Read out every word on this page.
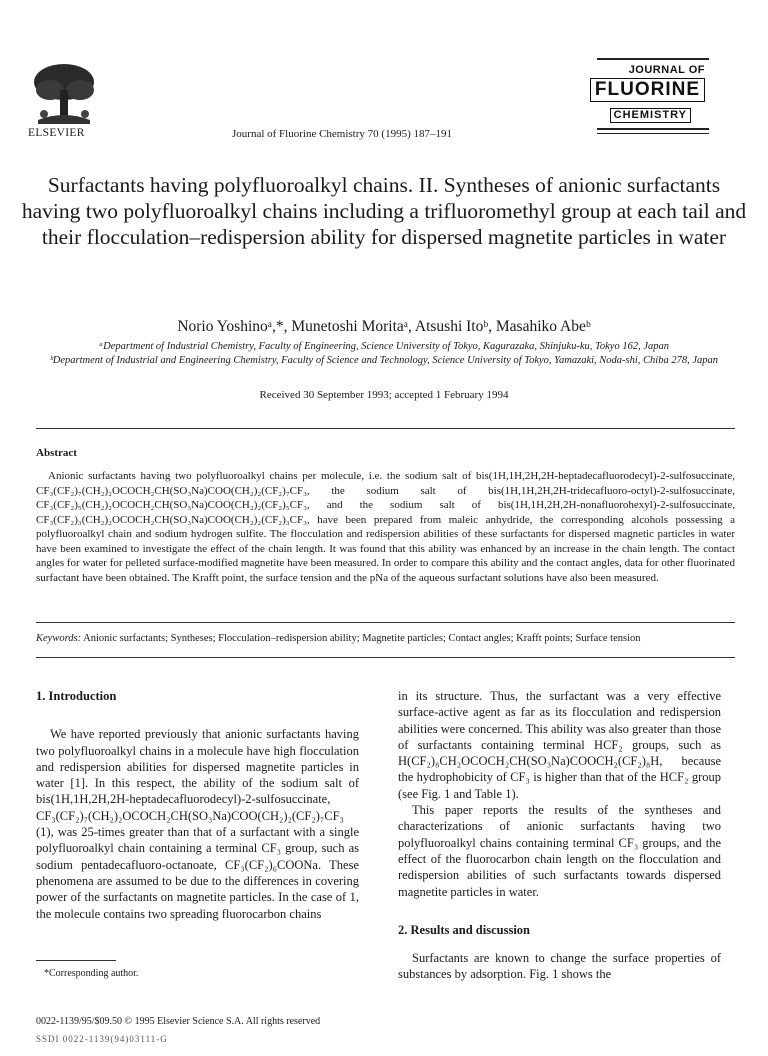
ELSEVIER	Journal of Fluorine Chemistry 70 (1995) 187–191
JOURNAL OF
FLUORINE
CHEMISTRY
Surfactants having polyfluoroalkyl chains. II. Syntheses of anionic surfactants having two polyfluoroalkyl chains including a trifluoromethyl group at each tail and their flocculation–redispersion ability for dispersed magnetite particles in water
Norio Yoshinoᵃ,*, Munetoshi Moritaᵃ, Atsushi Itoᵇ, Masahiko Abeᵇ
ᵃDepartment of Industrial Chemistry, Faculty of Engineering, Science University of Tokyo, Kagurazaka, Shinjuku-ku, Tokyo 162, Japan
ᵇDepartment of Industrial and Engineering Chemistry, Faculty of Science and Technology, Science University of Tokyo, Yamazaki, Noda-shi, Chiba 278, Japan
Received 30 September 1993; accepted 1 February 1994
Abstract
Anionic surfactants having two polyfluoroalkyl chains per molecule, i.e. the sodium salt of bis(1H,1H,2H,2H-heptadecafluorodecyl)-2-sulfosuccinate, CF₃(CF₂)₇(CH₂)₂OCOCH₂CH(SO₃Na)COO(CH₂)₂(CF₂)₇CF₃, the sodium salt of bis(1H,1H,2H,2H-tridecafluoro-octyl)-2-sulfosuccinate, CF₃(CF₂)₅(CH₂)₂OCOCH₂CH(SO₃Na)COO(CH₂)₂(CF₂)₅CF₃, and the sodium salt of bis(1H,1H,2H,2H-nonafluorohexyl)-2-sulfosuccinate, CF₃(CF₂)₃(CH₂)₂OCOCH₂CH(SO₃Na)COO(CH₂)₂(CF₂)₃CF₃, have been prepared from maleic anhydride, the corresponding alcohols possessing a polyfluoroalkyl chain and sodium hydrogen sulfite. The flocculation and redispersion abilities of these surfactants for dispersed magnetic particles in water have been examined to investigate the effect of the chain length. It was found that this ability was enhanced by an increase in the chain length. The contact angles for water for pelleted surface-modified magnetite have been measured. In order to compare this ability and the contact angles, data for other fluorinated surfactant have been obtained. The Krafft point, the surface tension and the pNa of the aqueous surfactant solutions have also been measured.
Keywords: Anionic surfactants; Syntheses; Flocculation–redispersion ability; Magnetite particles; Contact angles; Krafft points; Surface tension
1. Introduction

We have reported previously that anionic surfactants having two polyfluoroalkyl chains in a molecule have high flocculation and redispersion abilities for dispersed magnetite particles in water [1]. In this respect, the ability of the sodium salt of bis(1H,1H,2H,2H-heptadecafluorodecyl)-2-sulfosuccinate, CF₃(CF₂)₇(CH₂)₂OCOCH₂CH(SO₃Na)COO(CH₂)₂(CF₂)₇CF₃ (1), was 25-times greater than that of a surfactant with a single polyfluoroalkyl chain containing a terminal CF₃ group, such as sodium pentadecafluoro-octanoate, CF₃(CF₂)₆COONa. These phenomena are assumed to be due to the differences in covering power of the surfactants on magnetite particles. In the case of 1, the molecule contains two spreading fluorocarbon chains

in its structure. Thus, the surfactant was a very effective surface-active agent as far as its flocculation and redispersion abilities were concerned. This ability was also greater than those of surfactants containing terminal HCF₂ groups, such as H(CF₂)₈CH₂OCOCH₂CH(SO₃Na)COOCH₂(CF₂)₈H, because the hydrophobicity of CF₃ is higher than that of the HCF₂ group (see Fig. 1 and Table 1).

This paper reports the results of the syntheses and characterizations of anionic surfactants having two polyfluoroalkyl chains containing terminal CF₃ groups, and the effect of the fluorocarbon chain length on the flocculation and redispersion abilities of such surfactants towards dispersed magnetite particles in water.

2. Results and discussion

Surfactants are known to change the surface properties of substances by adsorption. Fig. 1 shows the

*Corresponding author.
0022-1139/95/$09.50 © 1995 Elsevier Science S.A. All rights reserved
SSDI 0022-1139(94)03111-G
